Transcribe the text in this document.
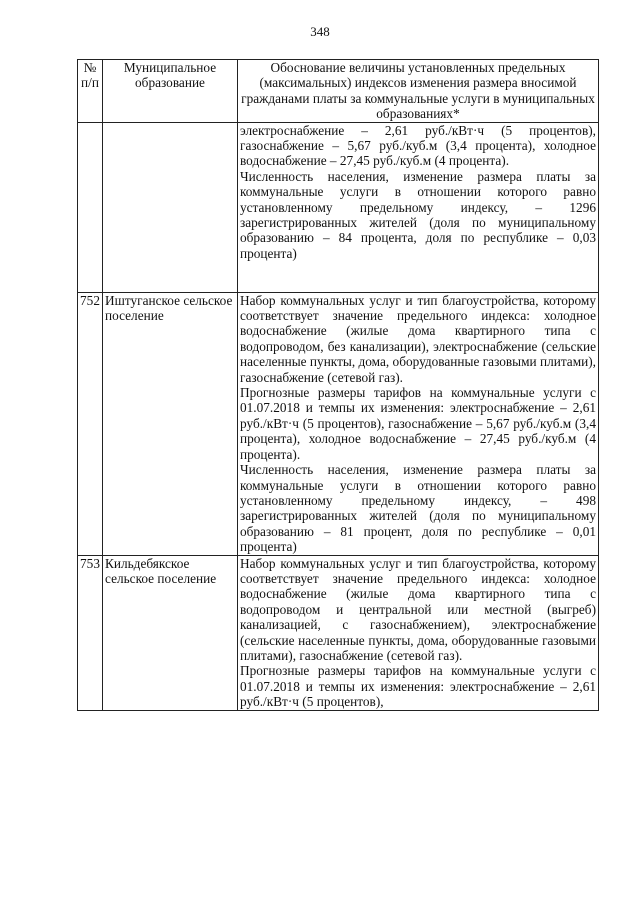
348
№ п/п	Муниципальное образование	Обоснование величины установленных предельных (максимальных) индексов изменения размера вносимой гражданами платы за коммунальные услуги в муниципальных образованиях*

		электроснабжение – 2,61 руб./кВт·ч (5 процентов), газоснабжение – 5,67 руб./куб.м (3,4 процента), холодное водоснабжение – 27,45 руб./куб.м (4 процента).

Численность населения, изменение размера платы за коммунальные услуги в отношении которого равно установленному предельному индексу, – 1296 зарегистрированных жителей (доля по муниципальному образованию – 84 процента, доля по республике – 0,03 процента)

752	Иштуганское сельское поселение	Набор коммунальных услуг и тип благоустройства, которому соответствует значение предельного индекса: холодное водоснабжение (жилые дома квартирного типа с водопроводом, без канализации), электроснабжение (сельские населенные пункты, дома, оборудованные газовыми плитами), газоснабжение (сетевой газ).

Прогнозные размеры тарифов на коммунальные услуги с 01.07.2018 и темпы их изменения: электроснабжение – 2,61 руб./кВт·ч (5 процентов), газоснабжение – 5,67 руб./куб.м (3,4 процента), холодное водоснабжение – 27,45 руб./куб.м (4 процента).

Численность населения, изменение размера платы за коммунальные услуги в отношении которого равно установленному предельному индексу, – 498 зарегистрированных жителей (доля по муниципальному образованию – 81 процент, доля по республике – 0,01 процента)

753	Кильдебякское сельское поселение	Набор коммунальных услуг и тип благоустройства, которому соответствует значение предельного индекса: холодное водоснабжение (жилые дома квартирного типа с водопроводом и центральной или местной (выгреб) канализацией, с газоснабжением), электроснабжение (сельские населенные пункты, дома, оборудованные газовыми плитами), газоснабжение (сетевой газ).

Прогнозные размеры тарифов на коммунальные услуги с 01.07.2018 и темпы их изменения: электроснабжение – 2,61 руб./кВт·ч (5 процентов),
